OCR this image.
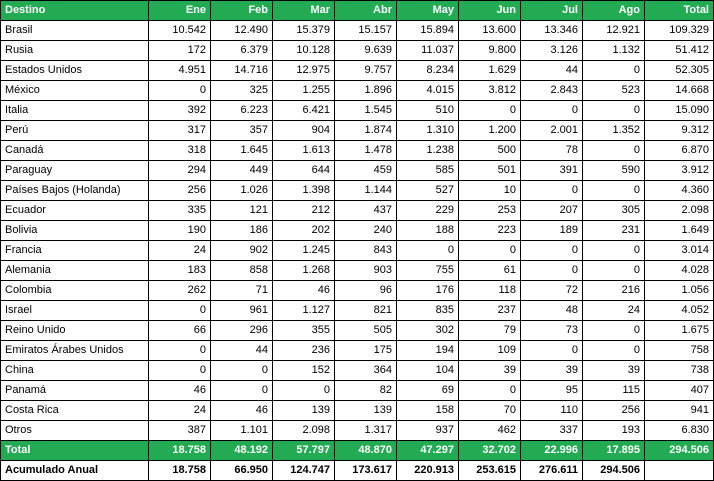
Destino	Ene	Feb	Mar	Abr	May	Jun	Jul	Ago	Total
Brasil	10.542	12.490	15.379	15.157	15.894	13.600	13.346	12.921	109.329
Rusia	172	6.379	10.128	9.639	11.037	9.800	3.126	1.132	51.412
Estados Unidos	4.951	14.716	12.975	9.757	8.234	1.629	44	0	52.305
México	0	325	1.255	1.896	4.015	3.812	2.843	523	14.668
Italia	392	6.223	6.421	1.545	510	0	0	0	15.090
Perú	317	357	904	1.874	1.310	1.200	2.001	1.352	9.312
Canadá	318	1.645	1.613	1.478	1.238	500	78	0	6.870
Paraguay	294	449	644	459	585	501	391	590	3.912
Países Bajos (Holanda)	256	1.026	1.398	1.144	527	10	0	0	4.360
Ecuador	335	121	212	437	229	253	207	305	2.098
Bolivia	190	186	202	240	188	223	189	231	1.649
Francia	24	902	1.245	843	0	0	0	0	3.014
Alemania	183	858	1.268	903	755	61	0	0	4.028
Colombia	262	71	46	96	176	118	72	216	1.056
Israel	0	961	1.127	821	835	237	48	24	4.052
Reino Unido	66	296	355	505	302	79	73	0	1.675
Emiratos Árabes Unidos	0	44	236	175	194	109	0	0	758
China	0	0	152	364	104	39	39	39	738
Panamá	46	0	0	82	69	0	95	115	407
Costa Rica	24	46	139	139	158	70	110	256	941
Otros	387	1.101	2.098	1.317	937	462	337	193	6.830
Total	18.758	48.192	57.797	48.870	47.297	32.702	22.996	17.895	294.506
Acumulado Anual	18.758	66.950	124.747	173.617	220.913	253.615	276.611	294.506	
